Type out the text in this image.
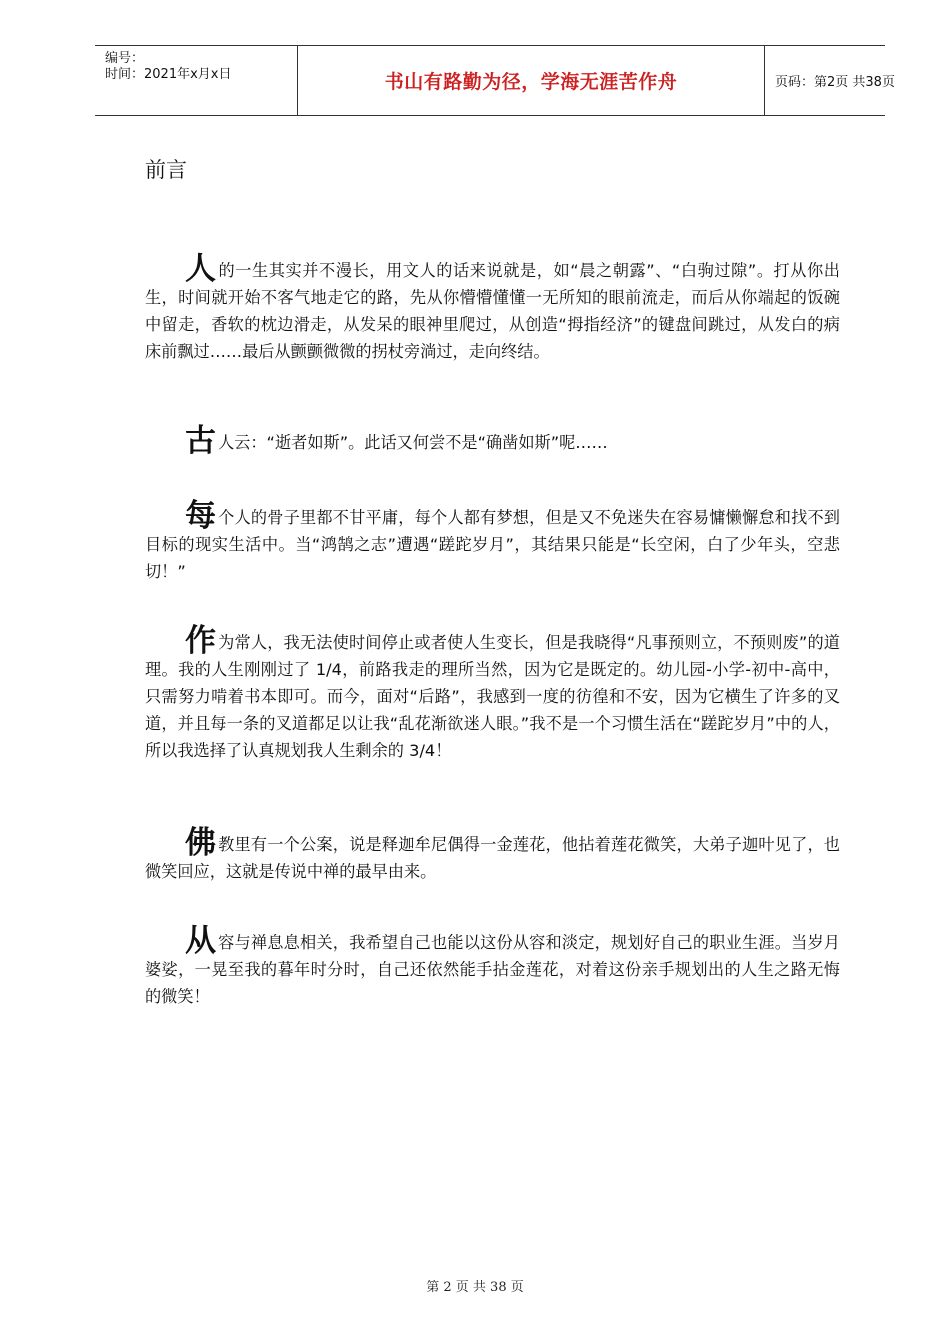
编号：
时间：2021年x月x日	书山有路勤为径，学海无涯苦作舟	页码：第2页 共38页
前言

人的一生其实并不漫长，用文人的话来说就是，如“晨之朝露”、“白驹过隙”。打从你出生，时间就开始不客气地走它的路，先从你懵懵懂懂一无所知的眼前流走，而后从你端起的饭碗中留走，香软的枕边滑走，从发呆的眼神里爬过，从创造“拇指经济”的键盘间跳过，从发白的病床前飘过……最后从颤颤微微的拐杖旁淌过，走向终结。

古人云：“逝者如斯”。此话又何尝不是“确凿如斯”呢……

每个人的骨子里都不甘平庸，每个人都有梦想，但是又不免迷失在容易慵懒懈怠和找不到目标的现实生活中。当“鸿鹄之志”遭遇“蹉跎岁月”，其结果只能是“长空闲，白了少年头，空悲切！”

作为常人，我无法使时间停止或者使人生变长，但是我晓得“凡事预则立，不预则废”的道理。我的人生刚刚过了 1/4，前路我走的理所当然，因为它是既定的。幼儿园-小学-初中-高中，只需努力啃着书本即可。而今，面对“后路”，我感到一度的彷徨和不安，因为它横生了许多的叉道，并且每一条的叉道都足以让我“乱花渐欲迷人眼。”我不是一个习惯生活在“蹉跎岁月”中的人，所以我选择了认真规划我人生剩余的 3/4！

佛教里有一个公案，说是释迦牟尼偶得一金莲花，他拈着莲花微笑，大弟子迦叶见了，也微笑回应，这就是传说中禅的最早由来。

从容与禅息息相关，我希望自己也能以这份从容和淡定，规划好自己的职业生涯。当岁月婆娑，一晃至我的暮年时分时，自己还依然能手拈金莲花，对着这份亲手规划出的人生之路无悔的微笑！

第 2 页 共 38 页
